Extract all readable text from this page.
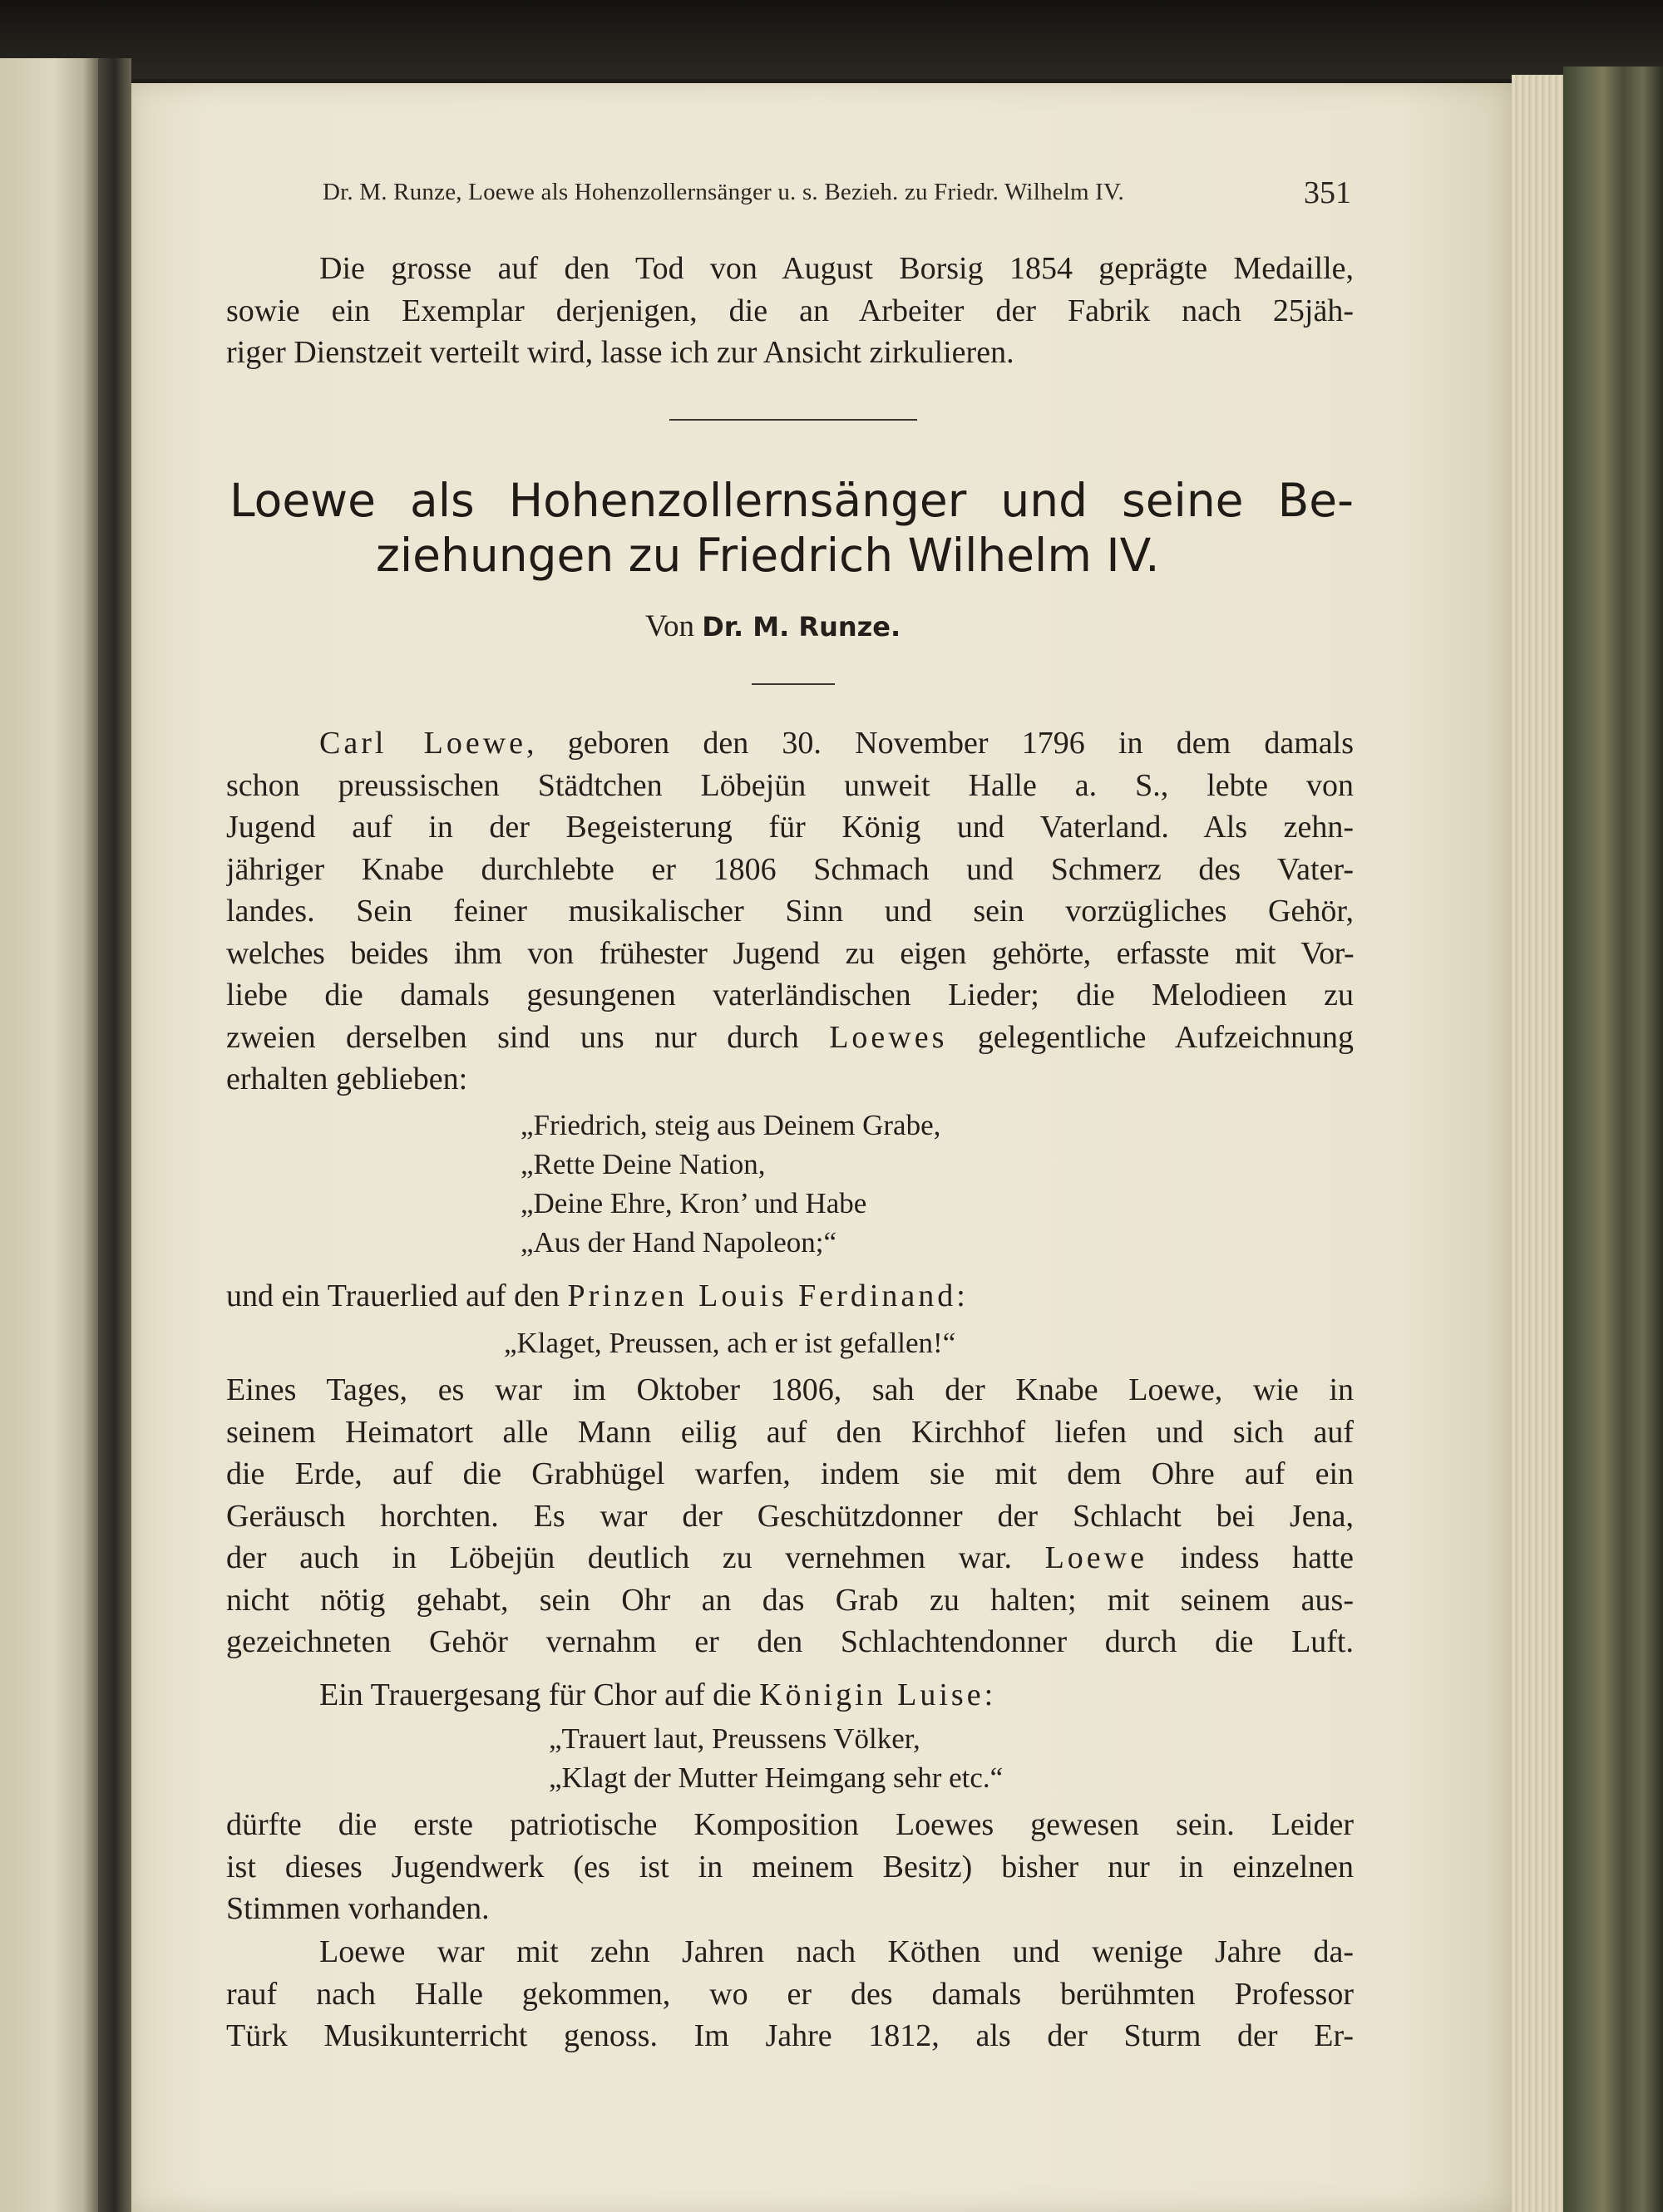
Dr. M. Runze, Loewe als Hohenzollernsänger u. s. Bezieh. zu Friedr. Wilhelm IV.	351
Die grosse auf den Tod von August Borsig 1854 geprägte Medaille,
sowie ein Exemplar derjenigen, die an Arbeiter der Fabrik nach 25jäh-
riger Dienstzeit verteilt wird, lasse ich zur Ansicht zirkulieren.
Loewe als Hohenzollernsänger und seine Be-
ziehungen zu Friedrich Wilhelm IV.
Von Dr. M. Runze.
Carl Loewe, geboren den 30. November 1796 in dem damals
schon preussischen Städtchen Löbejün unweit Halle a. S., lebte von
Jugend auf in der Begeisterung für König und Vaterland. Als zehn-
jähriger Knabe durchlebte er 1806 Schmach und Schmerz des Vater-
landes. Sein feiner musikalischer Sinn und sein vorzügliches Gehör,
welches beides ihm von frühester Jugend zu eigen gehörte, erfasste mit Vor-
liebe die damals gesungenen vaterländischen Lieder; die Melodieen zu
zweien derselben sind uns nur durch Loewes gelegentliche Aufzeichnung
erhalten geblieben:
„Friedrich, steig aus Deinem Grabe,
„Rette Deine Nation,
„Deine Ehre, Kron’ und Habe
„Aus der Hand Napoleon;“
und ein Trauerlied auf den Prinzen Louis Ferdinand:
„Klaget, Preussen, ach er ist gefallen!“
Eines Tages, es war im Oktober 1806, sah der Knabe Loewe, wie in
seinem Heimatort alle Mann eilig auf den Kirchhof liefen und sich auf
die Erde, auf die Grabhügel warfen, indem sie mit dem Ohre auf ein
Geräusch horchten. Es war der Geschützdonner der Schlacht bei Jena,
der auch in Löbejün deutlich zu vernehmen war. Loewe indess hatte
nicht nötig gehabt, sein Ohr an das Grab zu halten; mit seinem aus-
gezeichneten Gehör vernahm er den Schlachtendonner durch die Luft.
Ein Trauergesang für Chor auf die Königin Luise:
„Trauert laut, Preussens Völker,
„Klagt der Mutter Heimgang sehr etc.“
dürfte die erste patriotische Komposition Loewes gewesen sein. Leider
ist dieses Jugendwerk (es ist in meinem Besitz) bisher nur in einzelnen
Stimmen vorhanden.
Loewe war mit zehn Jahren nach Köthen und wenige Jahre da-
rauf nach Halle gekommen, wo er des damals berühmten Professor
Türk Musikunterricht genoss. Im Jahre 1812, als der Sturm der Er-
